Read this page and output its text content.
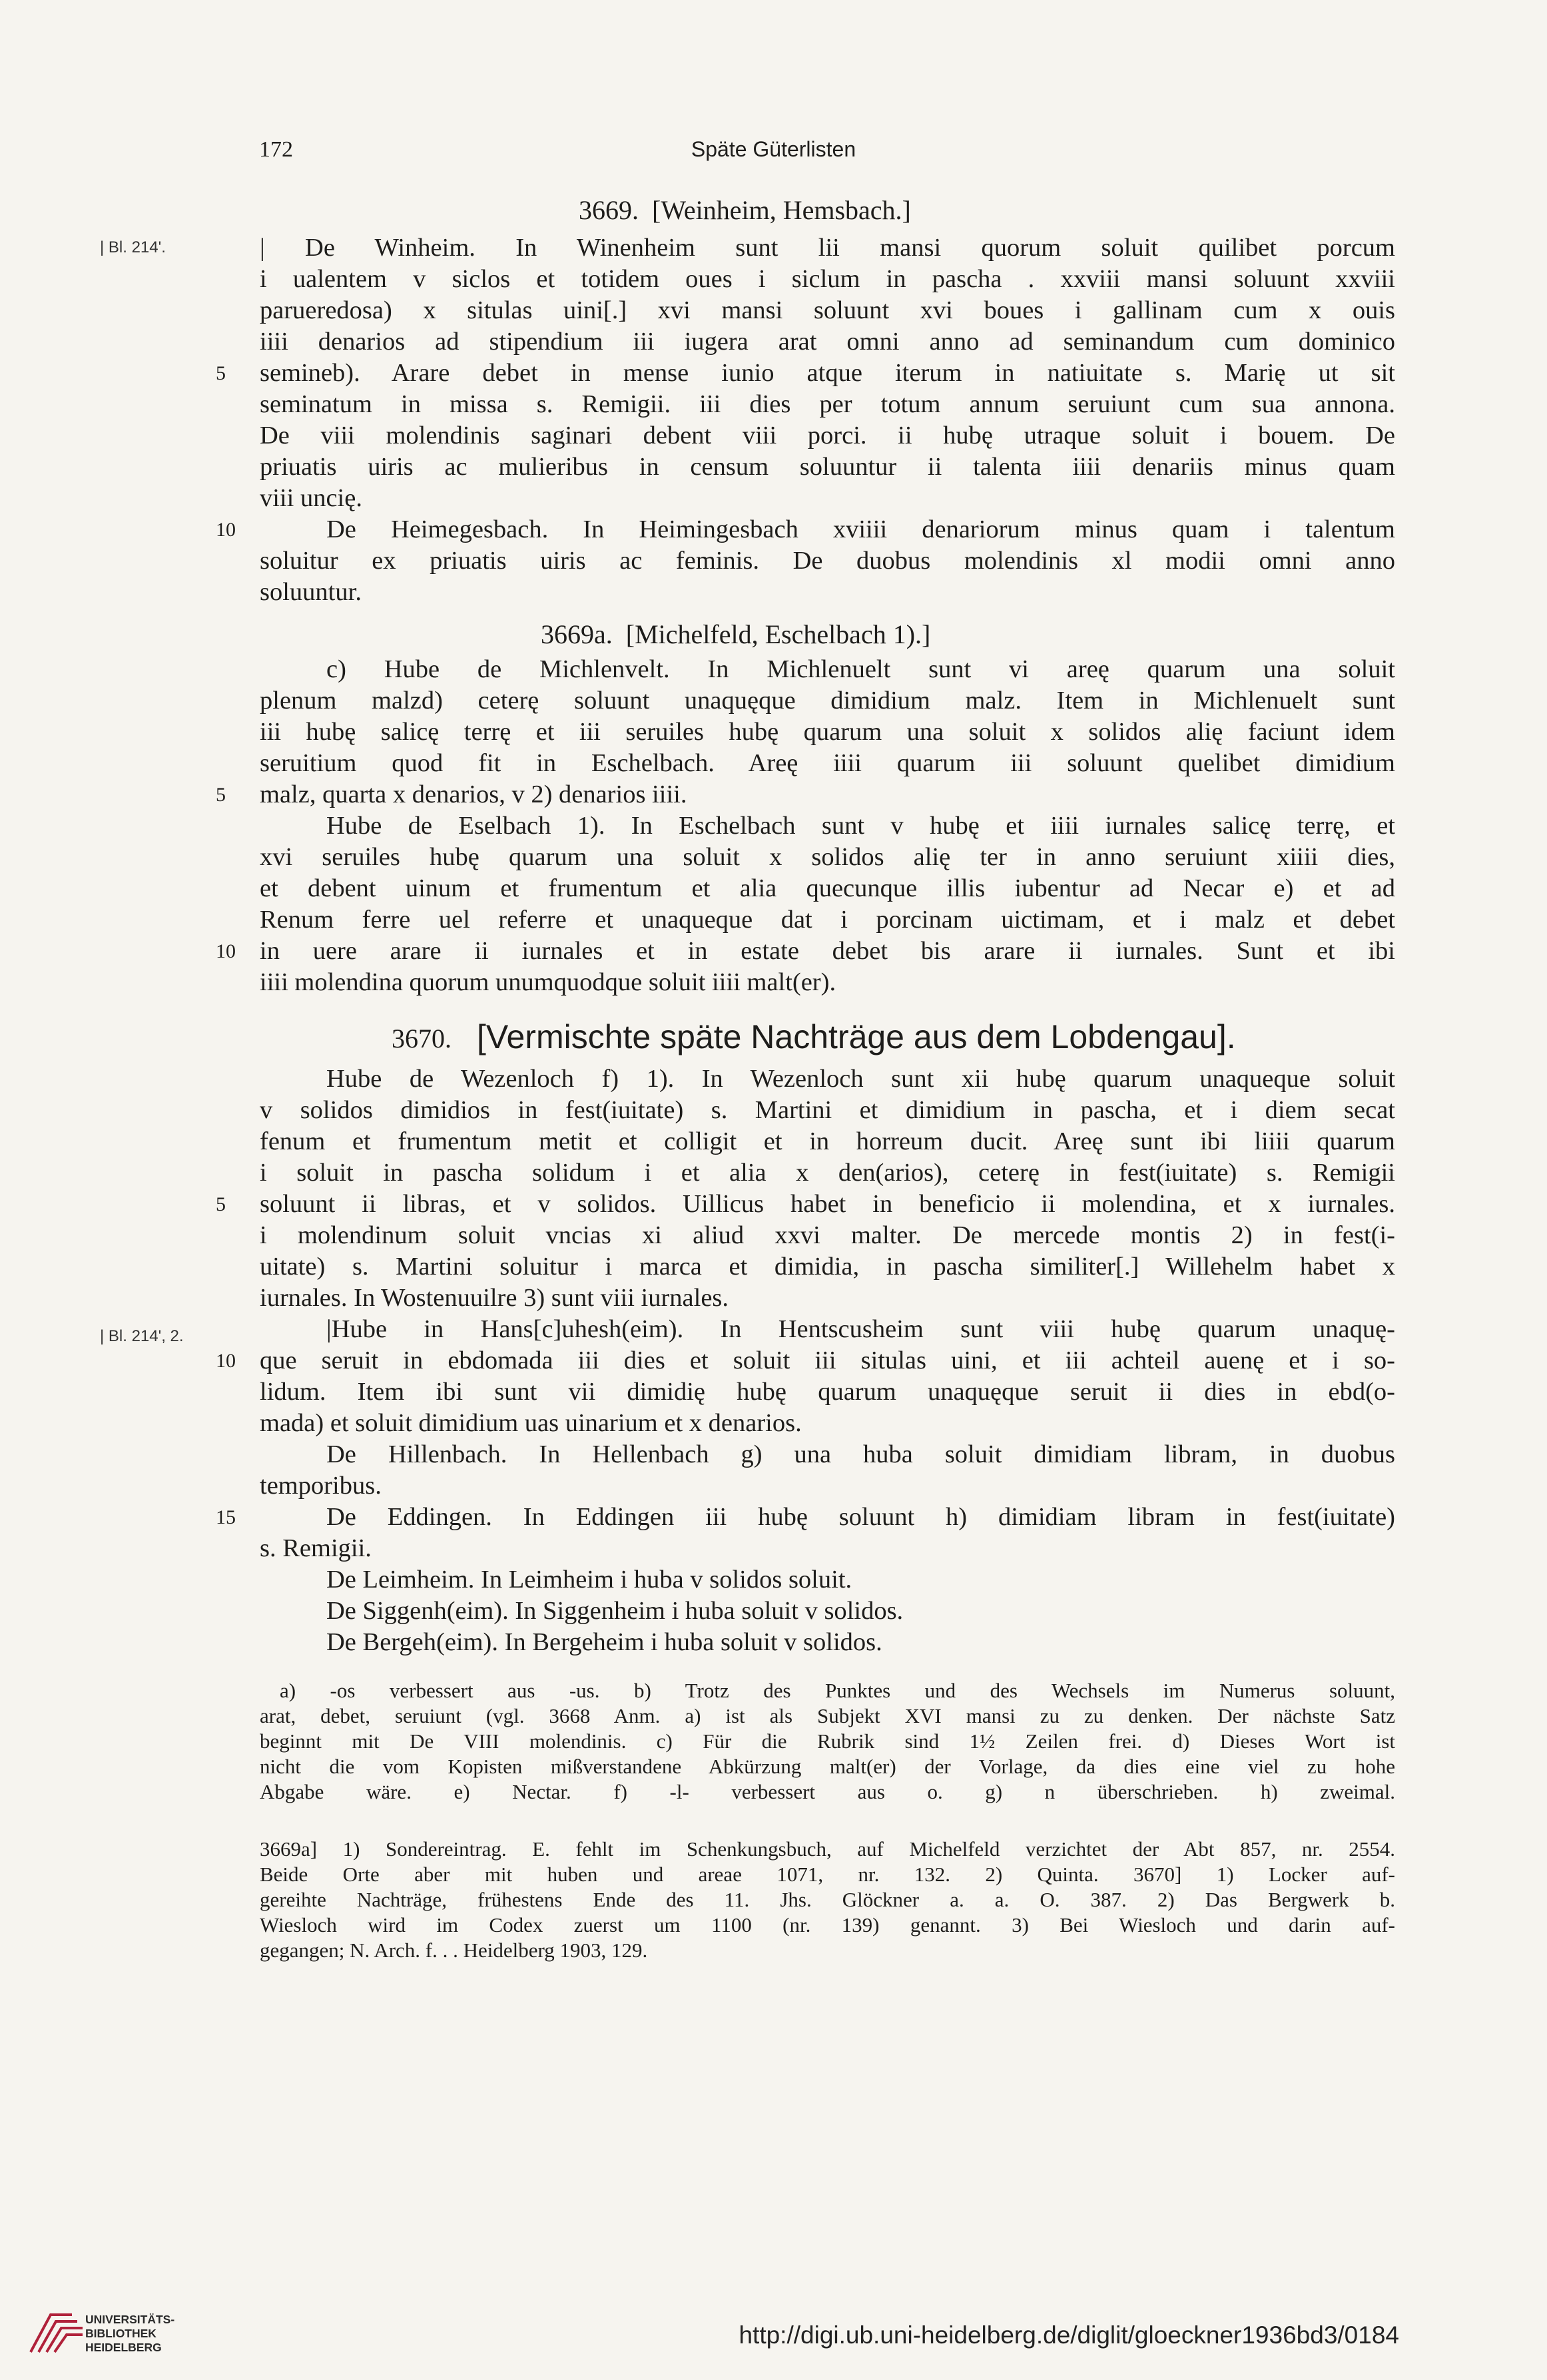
172	Späte Güterlisten
| Bl. 214'.
| Bl. 214', 2.
3669.  [Weinheim, Hemsbach.]
| De Winheim. In Winenheim sunt lii mansi quorum soluit quilibet porcum
i ualentem v siclos et totidem oues i siclum in pascha . xxviii mansi soluunt xxviii
parueredosa) x situlas uini[.] xvi mansi soluunt xvi boues i gallinam cum x ouis
iiii denarios ad stipendium iii iugera arat omni anno ad seminandum cum dominico
5 semineb). Arare debet in mense iunio atque iterum in natiuitate s. Marię ut sit
seminatum in missa s. Remigii. iii dies per totum annum seruiunt cum sua annona.
De viii molendinis saginari debent viii porci. ii hubę utraque soluit i bouem. De
priuatis uiris ac mulieribus in censum soluuntur ii talenta iiii denariis minus quam
viii uncię.
10	De Heimegesbach. In Heimingesbach xviiii denariorum minus quam i talentum
soluitur ex priuatis uiris ac feminis. De duobus molendinis xl modii omni anno
soluuntur.
3669a.  [Michelfeld, Eschelbach 1).]
c) Hube de Michlenvelt. In Michlenuelt sunt vi areę quarum una soluit
plenum malzd) ceterę soluunt unaquęque dimidium malz. Item in Michlenuelt sunt
iii hubę salicę terrę et iii seruiles hubę quarum una soluit x solidos alię faciunt idem
seruitium quod fit in Eschelbach. Areę iiii quarum iii soluunt quelibet dimidium
5 malz, quarta x denarios, v 2) denarios iiii.
Hube de Eselbach 1). In Eschelbach sunt v hubę et iiii iurnales salicę terrę, et
xvi seruiles hubę quarum una soluit x solidos alię ter in anno seruiunt xiiii dies,
et debent uinum et frumentum et alia quecunque illis iubentur ad Necar e) et ad
Renum ferre uel referre et unaqueque dat i porcinam uictimam, et i malz et debet
10 in uere arare ii iurnales et in estate debet bis arare ii iurnales. Sunt et ibi
iiii molendina quorum unumquodque soluit iiii malt(er).
3670. [Vermischte späte Nachträge aus dem Lobdengau].
Hube de Wezenloch f) 1). In Wezenloch sunt xii hubę quarum unaqueque soluit
v solidos dimidios in fest(iuitate) s. Martini et dimidium in pascha, et i diem secat
fenum et frumentum metit et colligit et in horreum ducit. Areę sunt ibi liiii quarum
i soluit in pascha solidum i et alia x den(arios), ceterę in fest(iuitate) s. Remigii
5 soluunt ii libras, et v solidos. Uillicus habet in beneficio ii molendina, et x iurnales.
i molendinum soluit vncias xi aliud xxvi malter. De mercede montis 2) in fest(i-
uitate) s. Martini soluitur i marca et dimidia, in pascha similiter[.] Willehelm habet x
iurnales. In Wostenuuilre 3) sunt viii iurnales.
|Hube in Hans[c]uhesh(eim). In Hentscusheim sunt viii hubę quarum unaquę-
10 que seruit in ebdomada iii dies et soluit iii situlas uini, et iii achteil auenę et i so-
lidum. Item ibi sunt vii dimidię hubę quarum unaquęque seruit ii dies in ebd(o-
mada) et soluit dimidium uas uinarium et x denarios.
De Hillenbach. In Hellenbach g) una huba soluit dimidiam libram, in duobus
temporibus.
15	De Eddingen. In Eddingen iii hubę soluunt h) dimidiam libram in fest(iuitate)
s. Remigii.
De Leimheim. In Leimheim i huba v solidos soluit.
De Siggenh(eim). In Siggenheim i huba soluit v solidos.
De Bergeh(eim). In Bergeheim i huba soluit v solidos.
a) -os verbessert aus -us. b) Trotz des Punktes und des Wechsels im Numerus soluunt,
arat, debet, seruiunt (vgl. 3668 Anm. a) ist als Subjekt XVI mansi zu zu denken. Der nächste Satz
beginnt mit De VIII molendinis. c) Für die Rubrik sind 1½ Zeilen frei. d) Dieses Wort ist
nicht die vom Kopisten mißverstandene Abkürzung malt(er) der Vorlage, da dies eine viel zu hohe
Abgabe wäre. e) Nectar. f) -l- verbessert aus o. g) n überschrieben. h) zweimal.
3669a] 1) Sondereintrag. E. fehlt im Schenkungsbuch, auf Michelfeld verzichtet der Abt 857, nr. 2554.
Beide Orte aber mit huben und areae 1071, nr. 132. 2) Quinta. 3670] 1) Locker auf-
gereihte Nachträge, frühestens Ende des 11. Jhs. Glöckner a. a. O. 387. 2) Das Bergwerk b.
Wiesloch wird im Codex zuerst um 1100 (nr. 139) genannt. 3) Bei Wiesloch und darin auf-
gegangen; N. Arch. f. . . Heidelberg 1903, 129.
UNIVERSITÄTS-
BIBLIOTHEK
HEIDELBERG	http://digi.ub.uni-heidelberg.de/diglit/gloeckner1936bd3/0184
